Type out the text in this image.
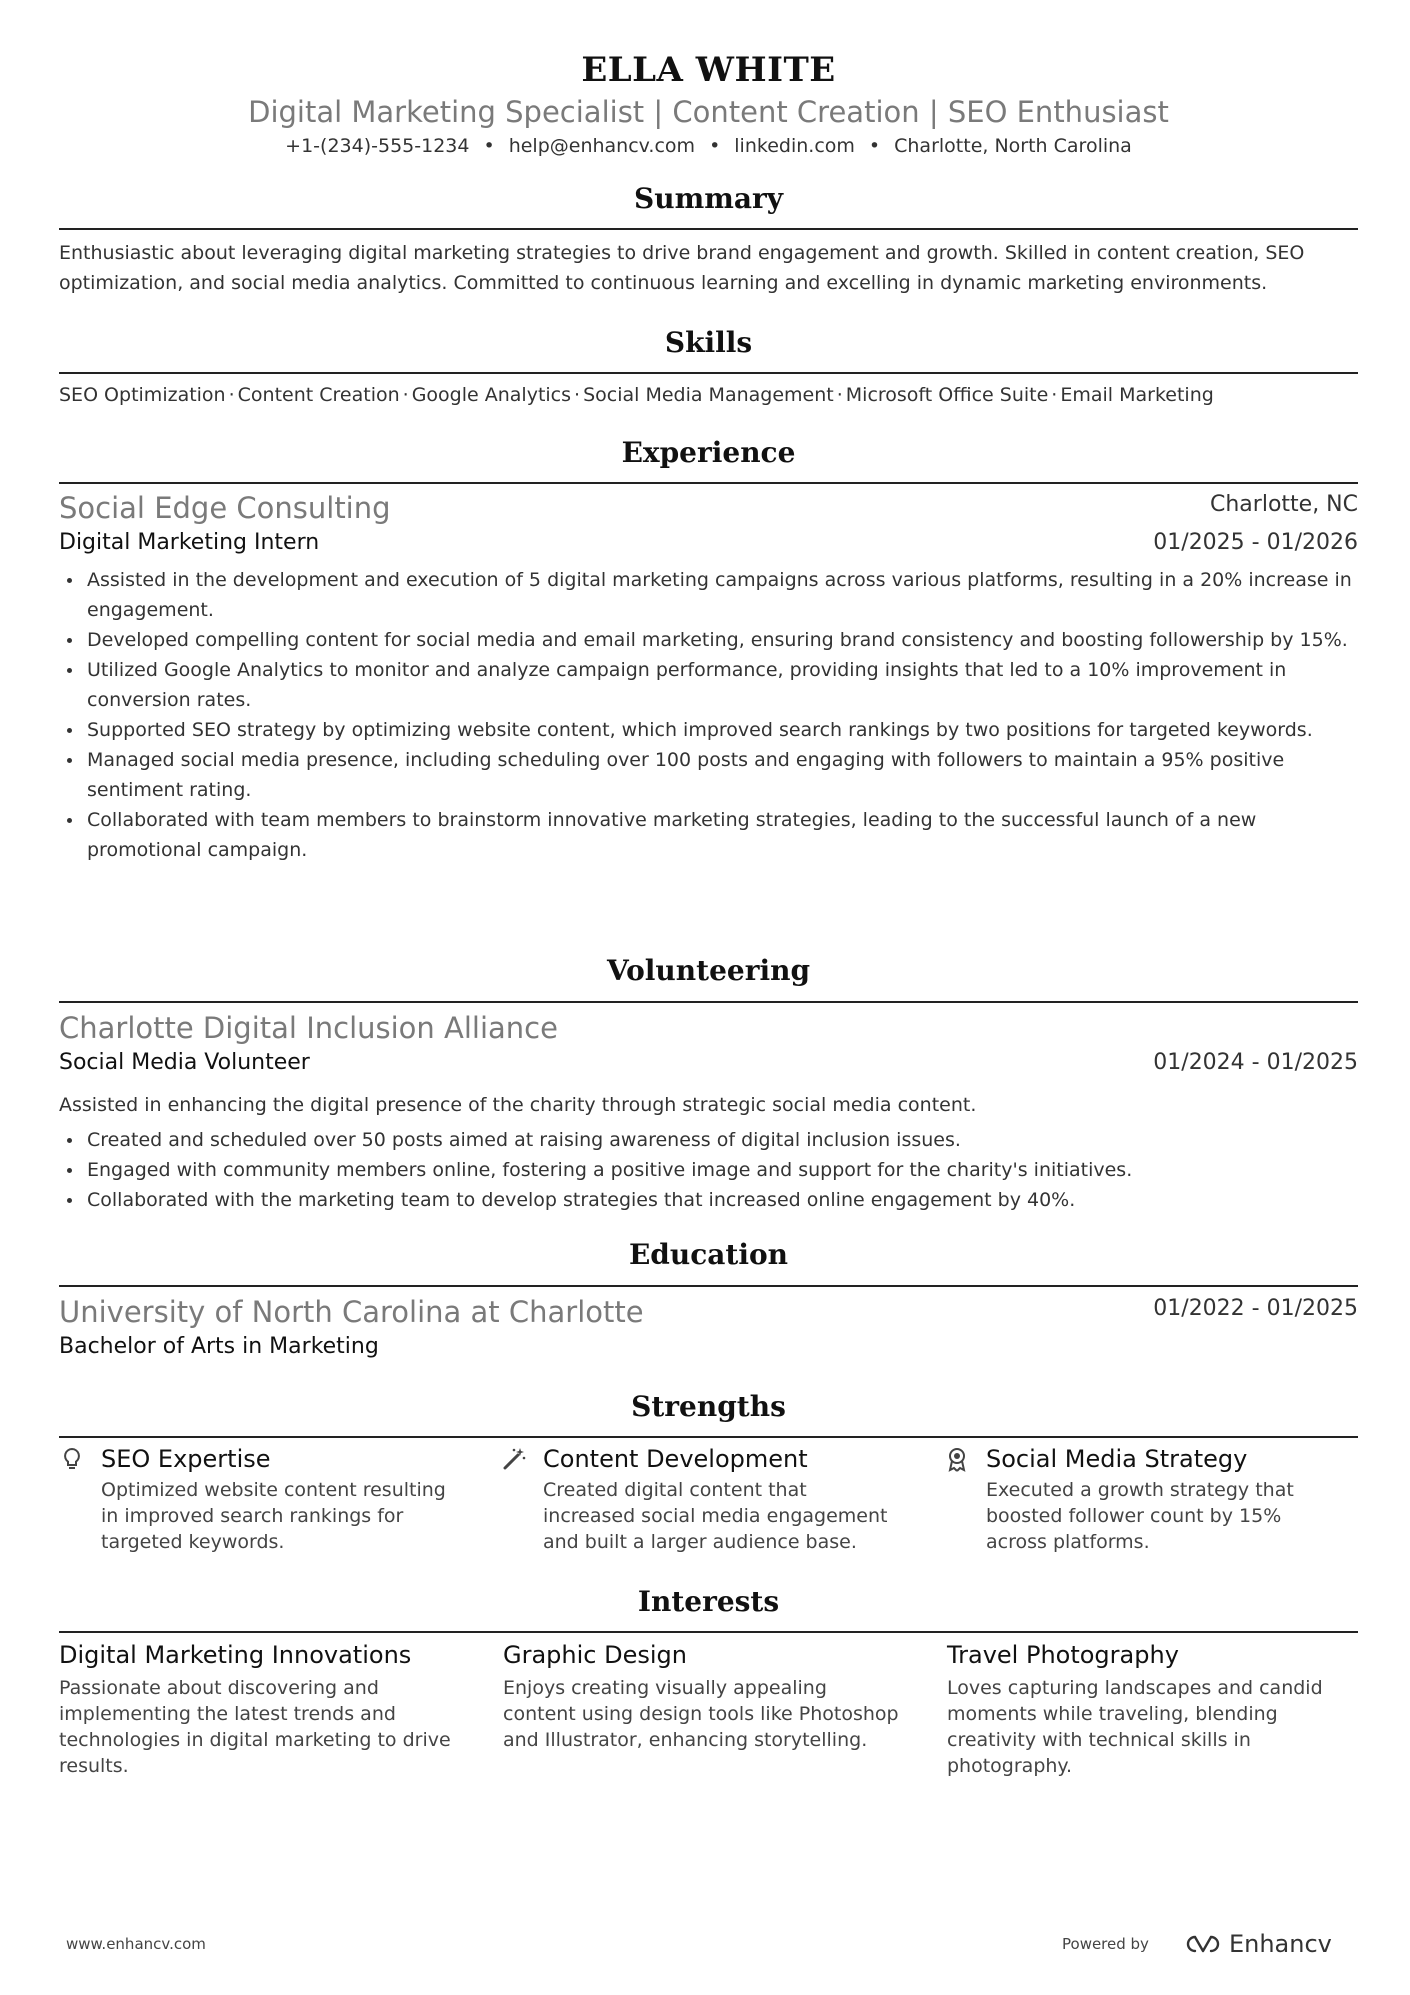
ELLA WHITE
Digital Marketing Specialist | Content Creation | SEO Enthusiast
+1-(234)-555-1234 • help@enhancv.com • linkedin.com • Charlotte, North Carolina
Summary
Enthusiastic about leveraging digital marketing strategies to drive brand engagement and growth. Skilled in content creation, SEO optimization, and social media analytics. Committed to continuous learning and excelling in dynamic marketing environments.
Skills
SEO Optimization · Content Creation · Google Analytics · Social Media Management · Microsoft Office Suite · Email Marketing
Experience
Social Edge Consulting	Charlotte, NC
Digital Marketing Intern	01/2025 - 01/2026
Assisted in the development and execution of 5 digital marketing campaigns across various platforms, resulting in a 20% increase in engagement.
Developed compelling content for social media and email marketing, ensuring brand consistency and boosting followership by 15%.
Utilized Google Analytics to monitor and analyze campaign performance, providing insights that led to a 10% improvement in conversion rates.
Supported SEO strategy by optimizing website content, which improved search rankings by two positions for targeted keywords.
Managed social media presence, including scheduling over 100 posts and engaging with followers to maintain a 95% positive sentiment rating.
Collaborated with team members to brainstorm innovative marketing strategies, leading to the successful launch of a new promotional campaign.
Volunteering
Charlotte Digital Inclusion Alliance
Social Media Volunteer	01/2024 - 01/2025
Assisted in enhancing the digital presence of the charity through strategic social media content.
Created and scheduled over 50 posts aimed at raising awareness of digital inclusion issues.
Engaged with community members online, fostering a positive image and support for the charity's initiatives.
Collaborated with the marketing team to develop strategies that increased online engagement by 40%.
Education
University of North Carolina at Charlotte	01/2022 - 01/2025
Bachelor of Arts in Marketing
Strengths
SEO Expertise
Optimized website content resulting in improved search rankings for targeted keywords.
Content Development
Created digital content that increased social media engagement and built a larger audience base.
Social Media Strategy
Executed a growth strategy that boosted follower count by 15% across platforms.
Interests
Digital Marketing Innovations
Passionate about discovering and implementing the latest trends and technologies in digital marketing to drive results.
Graphic Design
Enjoys creating visually appealing content using design tools like Photoshop and Illustrator, enhancing storytelling.
Travel Photography
Loves capturing landscapes and candid moments while traveling, blending creativity with technical skills in photography.
www.enhancv.com	Powered by	Enhancv
